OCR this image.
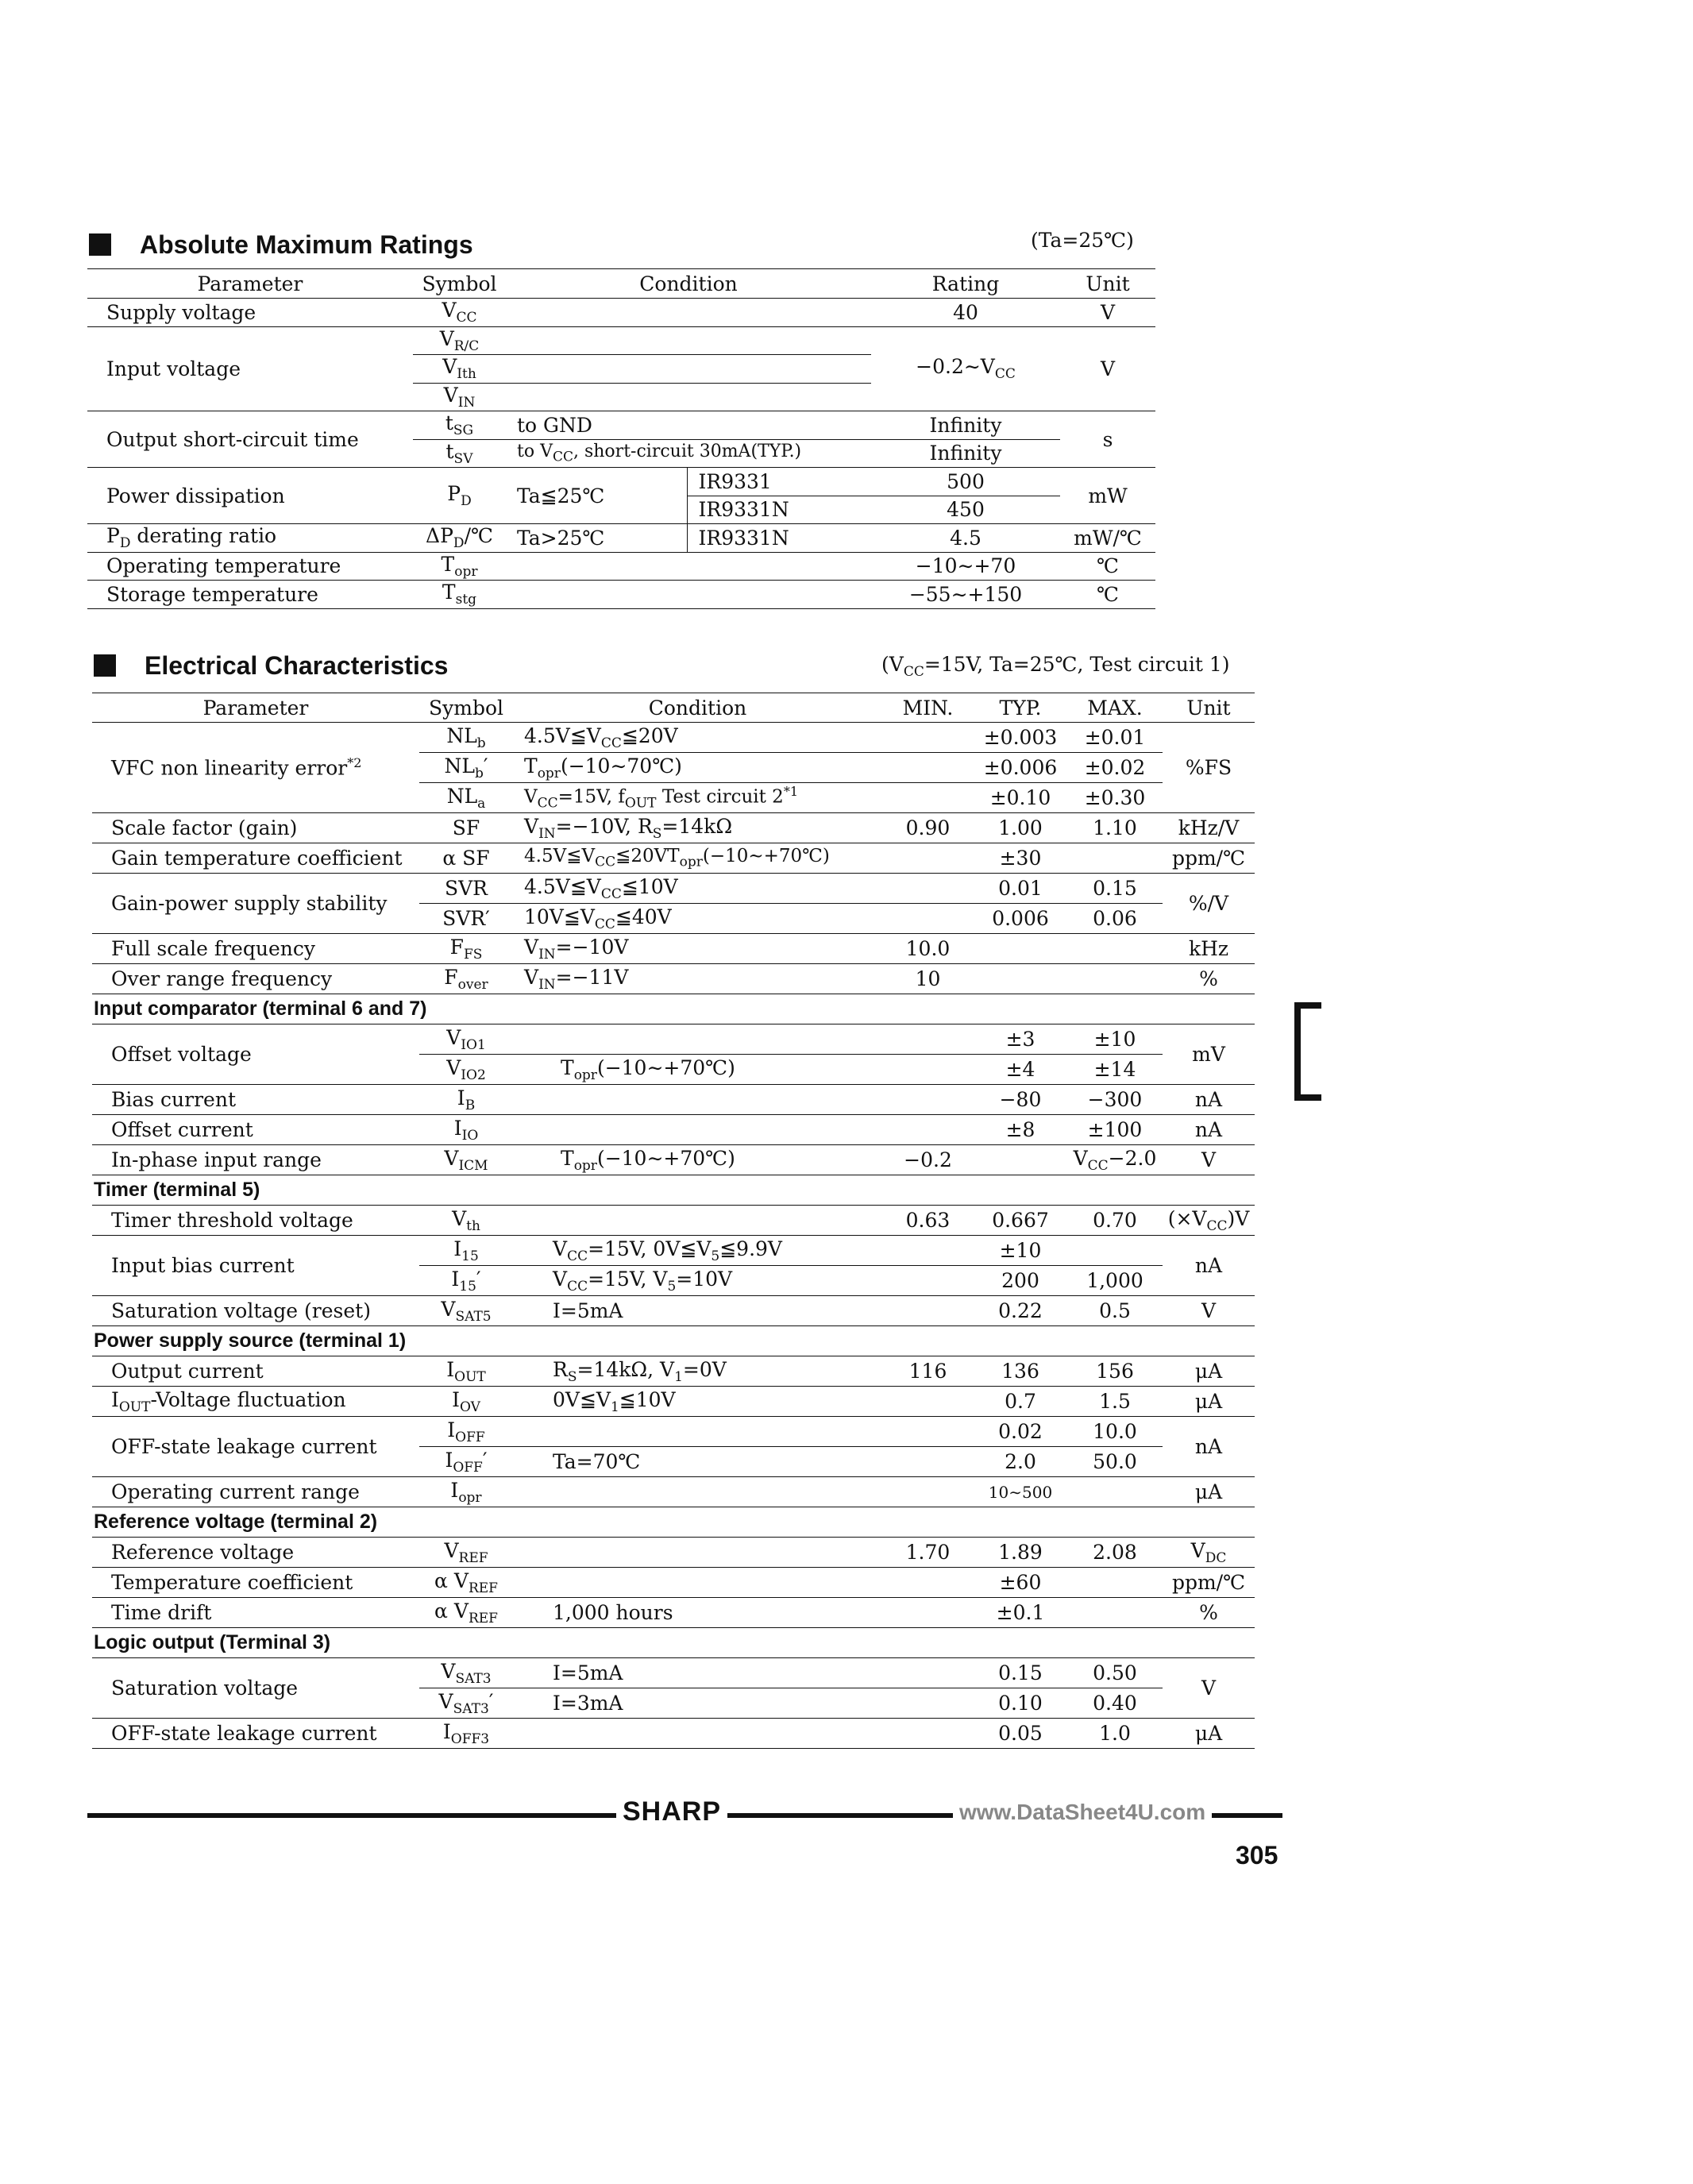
Absolute Maximum Ratings	(Ta=25℃)
Parameter	Symbol	Condition		Rating	Unit
Supply voltage	$V_{CC}$			40	V
Input voltage	$V_{R/C}$			$-0.2\sim V_{CC}$	V
	$V_{Ith}$	
	$V_{IN}$	
Output short-circuit time	$t_{SG}$	to GND		Infinity	s
	$t_{SV}$	to $V_{CC}$, short-circuit 30mA(TYP.)		Infinity	
Power dissipation	$P_D$	Ta≦25℃	IR9331	500	mW
			IR9331N	450	
$P_D$ derating ratio	$\Delta P_D/℃$	Ta>25℃	IR9331N	4.5	mW/℃
Operating temperature	$T_{opr}$			−10∼+70	℃
Storage temperature	$T_{stg}$			−55∼+150	℃
Electrical Characteristics	($V_{CC}=15V$, Ta=25℃, Test circuit 1)
Parameter	Symbol	Condition	MIN.	TYP.	MAX.	Unit
VFC non linearity error$^{*2}$	$NL_b$	$4.5V≦V_{CC}≦20V$		±0.003	±0.01	%FS
	$NL_b'$	$T_{opr}(-10\sim 70℃)$		±0.006	±0.02	
	$NL_a$	$V_{CC}=15V$, $f_{OUT}$ Test circuit 2$^{*1}$		±0.10	±0.30	
Scale factor (gain)	SF	$V_{IN}=-10V$, $R_S=14k\Omega$	0.90	1.00	1.10	kHz/V
Gain temperature coefficient	α SF	$4.5V≦V_{CC}≦20VT_{opr}(-10\sim+70℃)$		±30		ppm/℃
Gain-power supply stability	SVR	$4.5V≦V_{CC}≦10V$		0.01	0.15	%/V
	SVR′	$10V≦V_{CC}≦40V$		0.006	0.06	
Full scale frequency	$F_{FS}$	$V_{IN}=-10V$	10.0			kHz
Over range frequency	$F_{over}$	$V_{IN}=-11V$	10			%
Input comparator (terminal 6 and 7)						
Offset voltage	$V_{IO1}$			±3	±10	mV
	$V_{IO2}$	$T_{opr}(-10\sim+70℃)$		±4	±14	
Bias current	$I_B$			−80	−300	nA
Offset current	$I_{IO}$			±8	±100	nA
In-phase input range	$V_{ICM}$	$T_{opr}(-10\sim+70℃)$	−0.2		$V_{CC}-2.0$	V
Timer (terminal 5)						
Timer threshold voltage	$V_{th}$		0.63	0.667	0.70	$(\times V_{CC})V$
Input bias current	$I_{15}$	$V_{CC}=15V$, $0V≦V_5≦9.9V$		±10		nA
	$I_{15}'$	$V_{CC}=15V$, $V_5=10V$		200	1,000	
Saturation voltage (reset)	$V_{SAT5}$	I=5mA		0.22	0.5	V
Power supply source (terminal 1)						
Output current	$I_{OUT}$	$R_S=14k\Omega$, $V_1=0V$	116	136	156	μA
$I_{OUT}$-Voltage fluctuation	$I_{OV}$	$0V≦V_1≦10V$		0.7	1.5	μA
OFF-state leakage current	$I_{OFF}$			0.02	10.0	nA
	$I_{OFF}'$	Ta=70℃		2.0	50.0	
Operating current range	$I_{opr}$			10∼500		μA
Reference voltage (terminal 2)						
Reference voltage	$V_{REF}$		1.70	1.89	2.08	$V_{DC}$
Temperature coefficient	α $V_{REF}$			±60		ppm/℃
Time drift	α $V_{REF}$	1,000 hours		±0.1		%
Logic output (Terminal 3)						
Saturation voltage	$V_{SAT3}$	I=5mA		0.15	0.50	V
	$V_{SAT3}'$	I=3mA		0.10	0.40	
OFF-state leakage current	$I_{OFF3}$			0.05	1.0	μA
SHARP	www.DataSheet4U.com
305
